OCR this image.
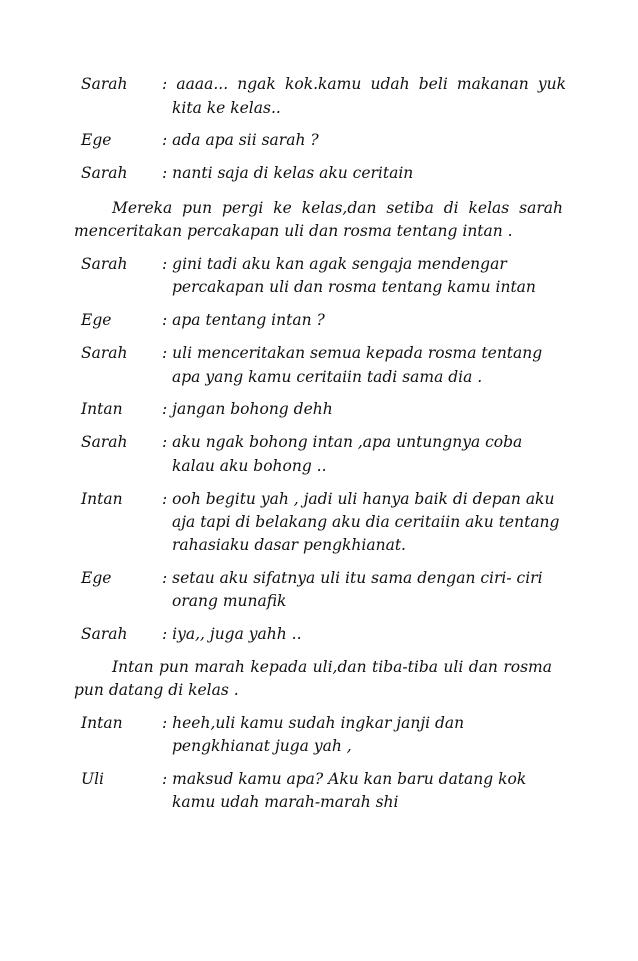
Sarah : aaaa... ngak kok.kamu udah beli makanan yuk
kita ke kelas..
Ege	: ada apa sii sarah ?
Sarah : nanti saja di kelas aku ceritain
Mereka pun pergi ke kelas,dan setiba di kelas sarah
menceritakan percakapan uli dan rosma tentang intan .
Sarah : gini tadi aku kan agak sengaja mendengar
percakapan uli dan rosma tentang kamu intan
Ege	: apa tentang intan ?
Sarah : uli menceritakan semua kepada rosma tentang
apa yang kamu ceritaiin tadi sama dia .
Intan	: jangan bohong dehh
Sarah : aku ngak bohong intan ,apa untungnya coba
kalau aku bohong ..
Intan	: ooh begitu yah , jadi uli hanya baik di depan aku
aja tapi di belakang aku dia ceritaiin aku tentang
rahasiaku dasar pengkhianat.
Ege	: setau aku sifatnya uli itu sama dengan ciri- ciri
orang munafik
Sarah : iya,, juga yahh ..
Intan pun marah kepada uli,dan tiba-tiba uli dan rosma
pun datang di kelas .
Intan	: heeh,uli kamu sudah ingkar janji dan
pengkhianat juga yah ,
Uli	: maksud kamu apa? Aku kan baru datang kok
kamu udah marah-marah shi
